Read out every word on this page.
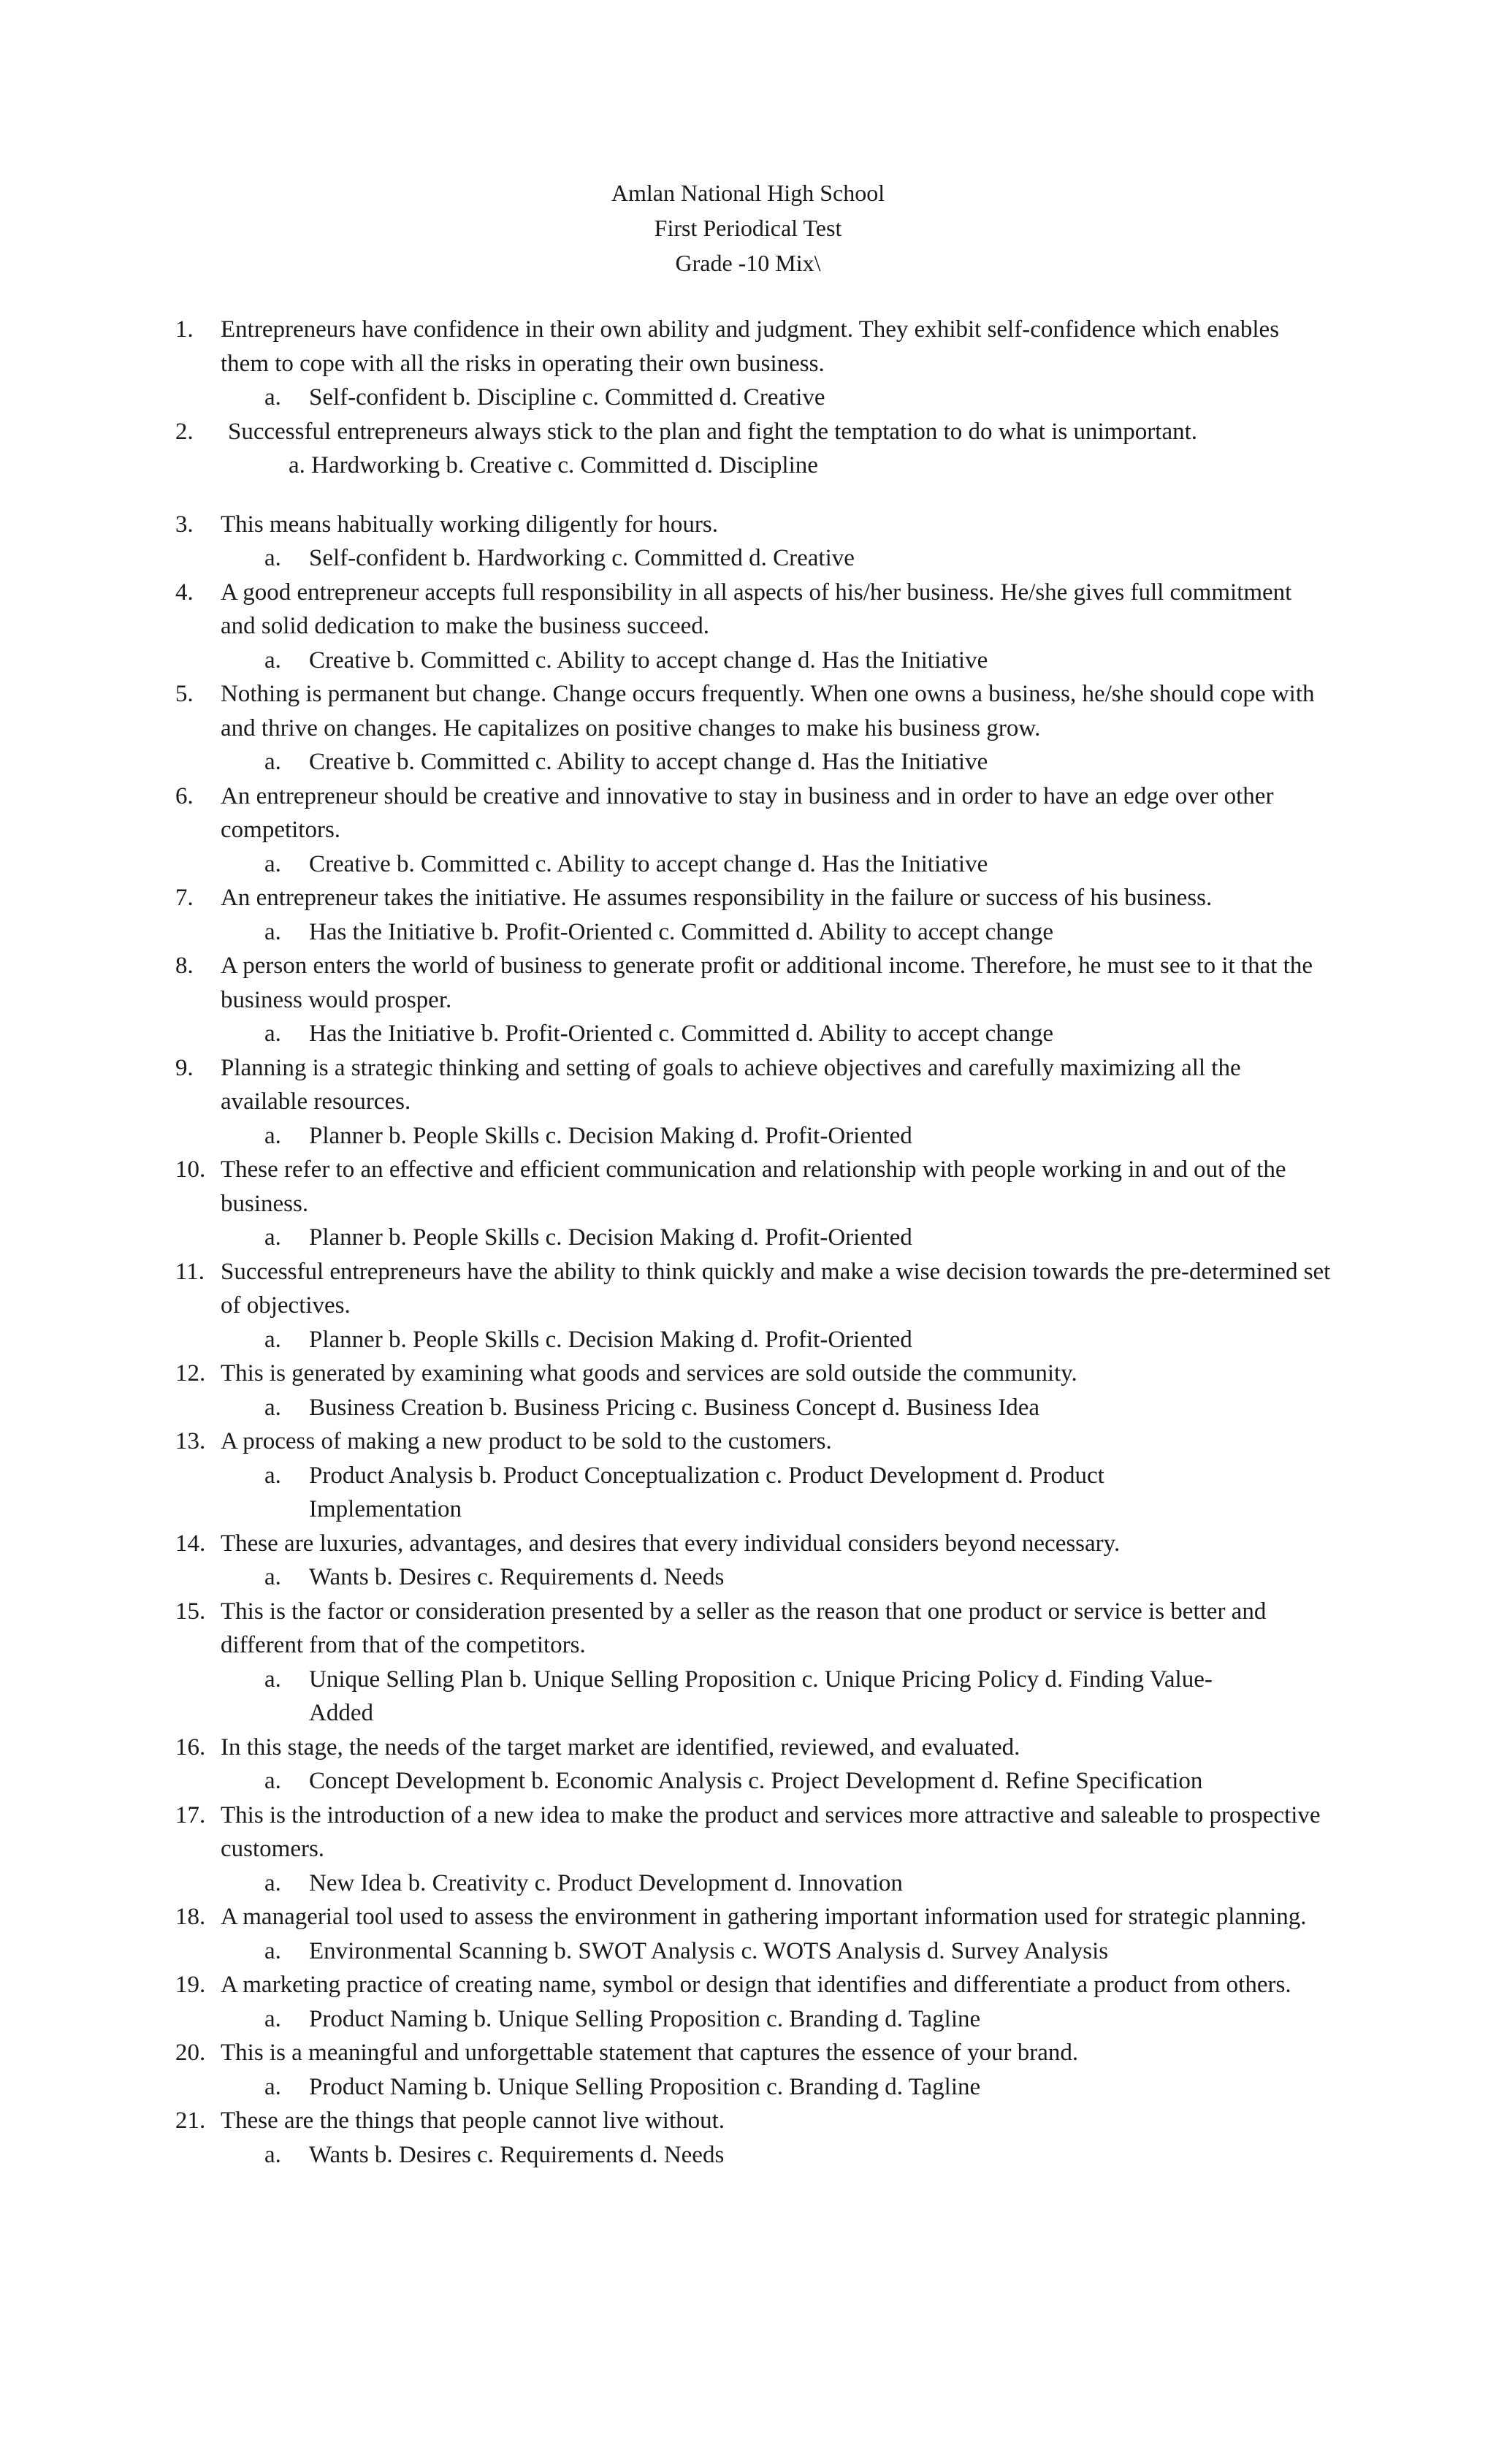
Amlan National High School
First Periodical Test
Grade -10 Mix\
1. Entrepreneurs have confidence in their own ability and judgment. They exhibit self-confidence which enables them to cope with all the risks in operating their own business.
a. Self-confident b. Discipline c. Committed d. Creative
2. Successful entrepreneurs always stick to the plan and fight the temptation to do what is unimportant.
a. Hardworking b. Creative c. Committed d. Discipline
3. This means habitually working diligently for hours.
a. Self-confident b. Hardworking c. Committed d. Creative
4. A good entrepreneur accepts full responsibility in all aspects of his/her business. He/she gives full commitment and solid dedication to make the business succeed.
a. Creative b. Committed c. Ability to accept change d. Has the Initiative
5. Nothing is permanent but change. Change occurs frequently. When one owns a business, he/she should cope with and thrive on changes. He capitalizes on positive changes to make his business grow.
a. Creative b. Committed c. Ability to accept change d. Has the Initiative
6. An entrepreneur should be creative and innovative to stay in business and in order to have an edge over other competitors.
a. Creative b. Committed c. Ability to accept change d. Has the Initiative
7. An entrepreneur takes the initiative. He assumes responsibility in the failure or success of his business.
a. Has the Initiative b. Profit-Oriented c. Committed d. Ability to accept change
8. A person enters the world of business to generate profit or additional income. Therefore, he must see to it that the business would prosper.
a. Has the Initiative b. Profit-Oriented c. Committed d. Ability to accept change
9. Planning is a strategic thinking and setting of goals to achieve objectives and carefully maximizing all the available resources.
a. Planner b. People Skills c. Decision Making d. Profit-Oriented
10. These refer to an effective and efficient communication and relationship with people working in and out of the business.
a. Planner b. People Skills c. Decision Making d. Profit-Oriented
11. Successful entrepreneurs have the ability to think quickly and make a wise decision towards the pre-determined set of objectives.
a. Planner b. People Skills c. Decision Making d. Profit-Oriented
12. This is generated by examining what goods and services are sold outside the community.
a. Business Creation b. Business Pricing c. Business Concept d. Business Idea
13. A process of making a new product to be sold to the customers.
a. Product Analysis b. Product Conceptualization c. Product Development d. Product Implementation
14. These are luxuries, advantages, and desires that every individual considers beyond necessary.
a. Wants b. Desires c. Requirements d. Needs
15. This is the factor or consideration presented by a seller as the reason that one product or service is better and different from that of the competitors.
a. Unique Selling Plan b. Unique Selling Proposition c. Unique Pricing Policy d. Finding Value-Added
16. In this stage, the needs of the target market are identified, reviewed, and evaluated.
a. Concept Development b. Economic Analysis c. Project Development d. Refine Specification
17. This is the introduction of a new idea to make the product and services more attractive and saleable to prospective customers.
a. New Idea b. Creativity c. Product Development d. Innovation
18. A managerial tool used to assess the environment in gathering important information used for strategic planning.
a. Environmental Scanning b. SWOT Analysis c. WOTS Analysis d. Survey Analysis
19. A marketing practice of creating name, symbol or design that identifies and differentiate a product from others.
a. Product Naming b. Unique Selling Proposition c. Branding d. Tagline
20. This is a meaningful and unforgettable statement that captures the essence of your brand.
a. Product Naming b. Unique Selling Proposition c. Branding d. Tagline
21. These are the things that people cannot live without.
a. Wants b. Desires c. Requirements d. Needs
